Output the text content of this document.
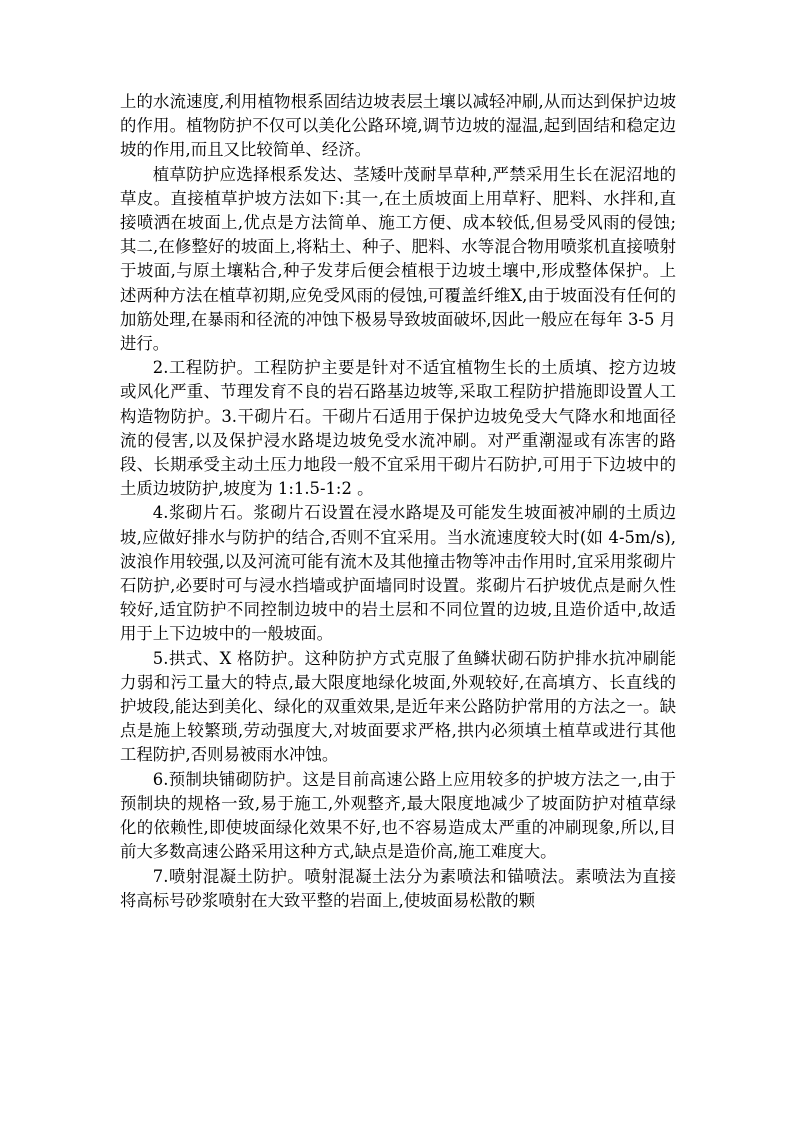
上的水流速度,利用植物根系固结边坡表层土壤以减轻冲刷,从而达到保护边坡的作用。植物防护不仅可以美化公路环境,调节边坡的湿温,起到固结和稳定边坡的作用,而且又比较简单、经济。

植草防护应选择根系发达、茎矮叶茂耐旱草种,严禁采用生长在泥沼地的草皮。直接植草护坡方法如下:其一,在土质坡面上用草籽、肥料、水拌和,直接喷洒在坡面上,优点是方法简单、施工方便、成本较低,但易受风雨的侵蚀;其二,在修整好的坡面上,将粘土、种子、肥料、水等混合物用喷浆机直接喷射于坡面,与原土壤粘合,种子发芽后便会植根于边坡土壤中,形成整体保护。上述两种方法在植草初期,应免受风雨的侵蚀,可覆盖纤维X,由于坡面没有任何的加筋处理,在暴雨和径流的冲蚀下极易导致坡面破坏,因此一般应在每年 3-5 月进行。

2.工程防护。工程防护主要是针对不适宜植物生长的土质填、挖方边坡或风化严重、节理发育不良的岩石路基边坡等,采取工程防护措施即设置人工构造物防护。3.干砌片石。干砌片石适用于保护边坡免受大气降水和地面径流的侵害,以及保护浸水路堤边坡免受水流冲刷。对严重潮湿或有冻害的路段、长期承受主动土压力地段一般不宜采用干砌片石防护,可用于下边坡中的土质边坡防护,坡度为 1:1.5-1:2 。

4.浆砌片石。浆砌片石设置在浸水路堤及可能发生坡面被冲刷的土质边坡,应做好排水与防护的结合,否则不宜采用。当水流速度较大时(如 4-5m/s),波浪作用较强,以及河流可能有流木及其他撞击物等冲击作用时,宜采用浆砌片石防护,必要时可与浸水挡墙或护面墙同时设置。浆砌片石护坡优点是耐久性较好,适宜防护不同控制边坡中的岩土层和不同位置的边坡,且造价适中,故适用于上下边坡中的一般坡面。

5.拱式、X 格防护。这种防护方式克服了鱼鳞状砌石防护排水抗冲刷能力弱和污工量大的特点,最大限度地绿化坡面,外观较好,在高填方、长直线的护坡段,能达到美化、绿化的双重效果,是近年来公路防护常用的方法之一。缺点是施上较繁琐,劳动强度大,对坡面要求严格,拱内必须填土植草或进行其他工程防护,否则易被雨水冲蚀。

6.预制块铺砌防护。这是目前高速公路上应用较多的护坡方法之一,由于预制块的规格一致,易于施工,外观整齐,最大限度地减少了坡面防护对植草绿化的依赖性,即使坡面绿化效果不好,也不容易造成太严重的冲刷现象,所以,目前大多数高速公路采用这种方式,缺点是造价高,施工难度大。

7.喷射混凝土防护。喷射混凝土法分为素喷法和锚喷法。素喷法为直接将高标号砂浆喷射在大致平整的岩面上,使坡面易松散的颗
